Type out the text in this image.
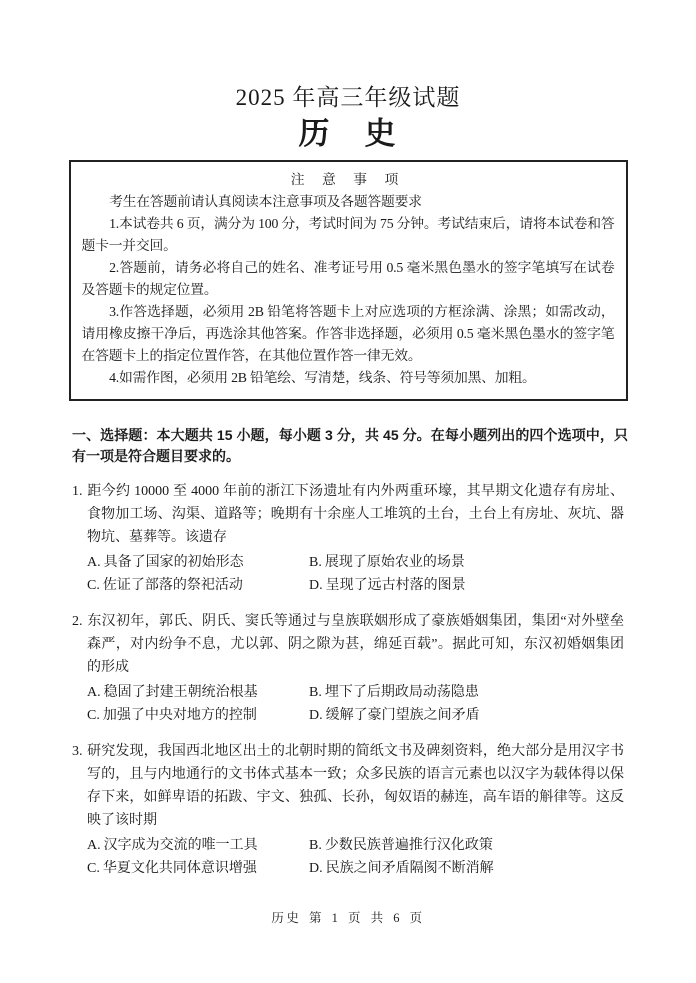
2025 年高三年级试题
历　史
注 意 事 项

考生在答题前请认真阅读本注意事项及各题答题要求

1.本试卷共 6 页，满分为 100 分，考试时间为 75 分钟。考试结束后，请将本试卷和答题卡一并交回。

2.答题前，请务必将自己的姓名、准考证号用 0.5 毫米黑色墨水的签字笔填写在试卷及答题卡的规定位置。

3.作答选择题，必须用 2B 铅笔将答题卡上对应选项的方框涂满、涂黑；如需改动，请用橡皮擦干净后，再选涂其他答案。作答非选择题，必须用 0.5 毫米黑色墨水的签字笔在答题卡上的指定位置作答，在其他位置作答一律无效。

4.如需作图，必须用 2B 铅笔绘、写清楚，线条、符号等须加黑、加粗。

一、选择题：本大题共 15 小题，每小题 3 分，共 45 分。在每小题列出的四个选项中，只有一项是符合题目要求的。

1. 距今约 10000 至 4000 年前的浙江下汤遗址有内外两重环壕，其早期文化遗存有房址、食物加工场、沟渠、道路等；晚期有十余座人工堆筑的土台，土台上有房址、灰坑、器物坑、墓葬等。该遗存

A. 具备了国家的初始形态	B. 展现了原始农业的场景
C. 佐证了部落的祭祀活动	D. 呈现了远古村落的图景

2. 东汉初年，郭氏、阴氏、窦氏等通过与皇族联姻形成了豪族婚姻集团，集团“对外壁垒森严，对内纷争不息，尤以郭、阴之隙为甚，绵延百载”。据此可知，东汉初婚姻集团的形成

A. 稳固了封建王朝统治根基	B. 埋下了后期政局动荡隐患
C. 加强了中央对地方的控制	D. 缓解了豪门望族之间矛盾

3. 研究发现，我国西北地区出土的北朝时期的简纸文书及碑刻资料，绝大部分是用汉字书写的，且与内地通行的文书体式基本一致；众多民族的语言元素也以汉字为载体得以保存下来，如鲜卑语的拓跋、宇文、独孤、长孙，匈奴语的赫连，高车语的斛律等。这反映了该时期

A. 汉字成为交流的唯一工具	B. 少数民族普遍推行汉化政策
C. 华夏文化共同体意识增强	D. 民族之间矛盾隔阂不断消解
历史 第 1 页 共 6 页
